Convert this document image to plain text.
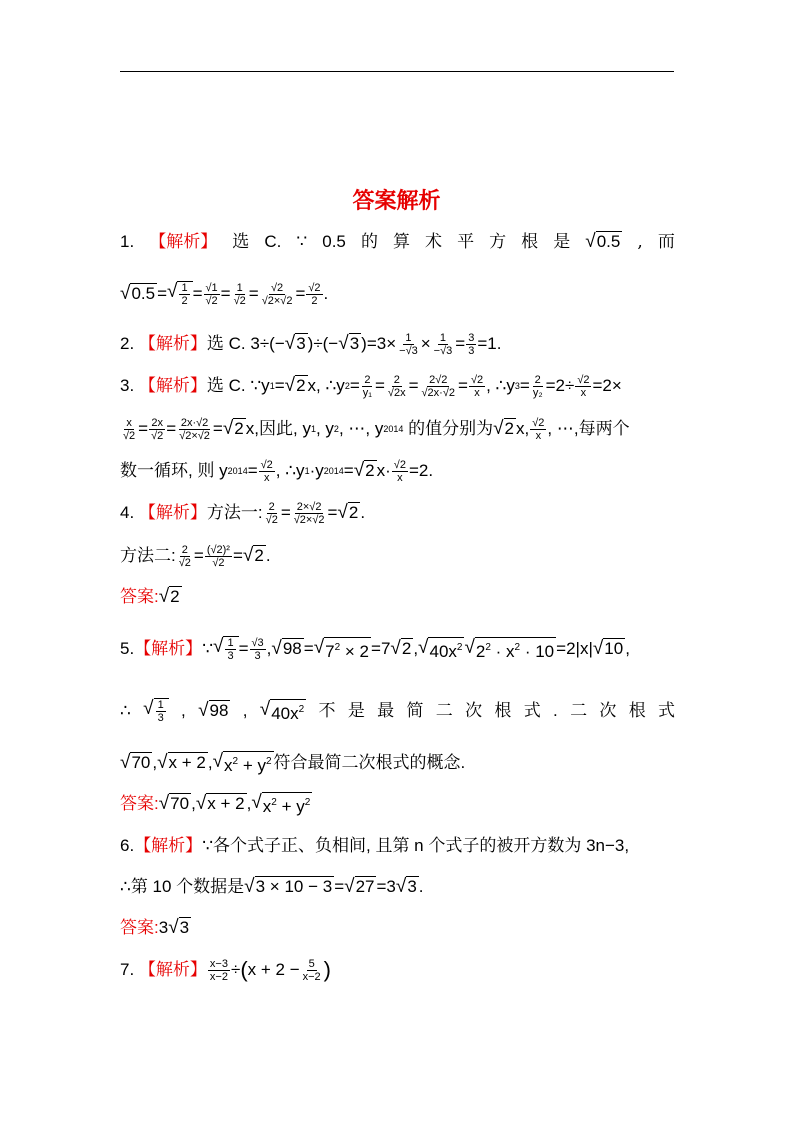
答案解析
1. 【解析】 选 C. ∵ 0.5 的 算 术 平 方 根 是 √ 0.5 , 而
√ 0.5 = √ $\frac{1}{2} = \frac{√1}{√2} = \frac{1}{√2} = \frac{√2}{√2\times√2} = \frac{√2}{2}$ .
2.
【解析】 选 C. 3÷ (− √ 3 )÷(− √ 3 )$=3\times \frac{1}{-√3} \times \frac{1}{-√3} = \frac{3}{3} =1$.
3.
【解析】 选 C. ∵y 1 = √ 2 x, ∴y $2 = \frac{2}{\text{y₁}} = \frac{2}{√2x} = \frac{2√2}{√2x\cdot√2} = \frac{√2}{x}$ , ∴y $3 = \frac{2}{\text{y₂}} =2\div \frac{√2}{x} =2\times$
$\frac{x}{√2} = \frac{2x}{√2} = \frac{2x\cdot√2}{√2\times√2}$ = √ 2 x, 因此, y 1 , y 2 , ⋯, y 2014
的值分别为 √ 2 x, $\frac{√2}{x}$ , ⋯, 每两个
数一循环, 则 y $2014 = \frac{√2}{x}$ , ∴y 1 ·y 2014 = √ 2 $x\cdot \frac{√2}{x} =2$.
4.
【解析】 方法一: $\frac{2}{√2} = \frac{2\times√2}{√2\times√2}$ = √ 2 .
方法二: $\frac{2}{√2} = \frac{\text{(√2)²}}{√2}$ = √ 2 .
答案: √ 2
5. 【解析】 ∵ √ $\frac{1}{3} = \frac{√3}{3}$ , √ 98 = √ $7^2 \times 2 =7$ √ 2 , √ $40x^2$ √ $2^2 \cdot x^2 \cdot 10 =2|x|$ √ 10 ,
∴ √ $\frac{1}{3}$ , √ 98 , √ $40x^2$ 不 是 最 简 二 次 根 式 . 二 次 根 式
√ 70 , √ x + 2 , √ $x^2 + y^2$ 符合最简二次根式的概念.
答案: √ 70 , √ x + 2 , √ $x^2 + y^2$
6. 【解析】 ∵各个式子正、负相间, 且第 n 个式子的被开方数为 3n−3,
∴第 10 个数据是 √ 3 × 10 − 3 = √ 27 =3 √ 3 .
答案: 3 √ 3
7.
【解析】 $\frac{x-3}{x-2}$ ÷ ( $x + 2 - \frac{5}{x-2}$ )
